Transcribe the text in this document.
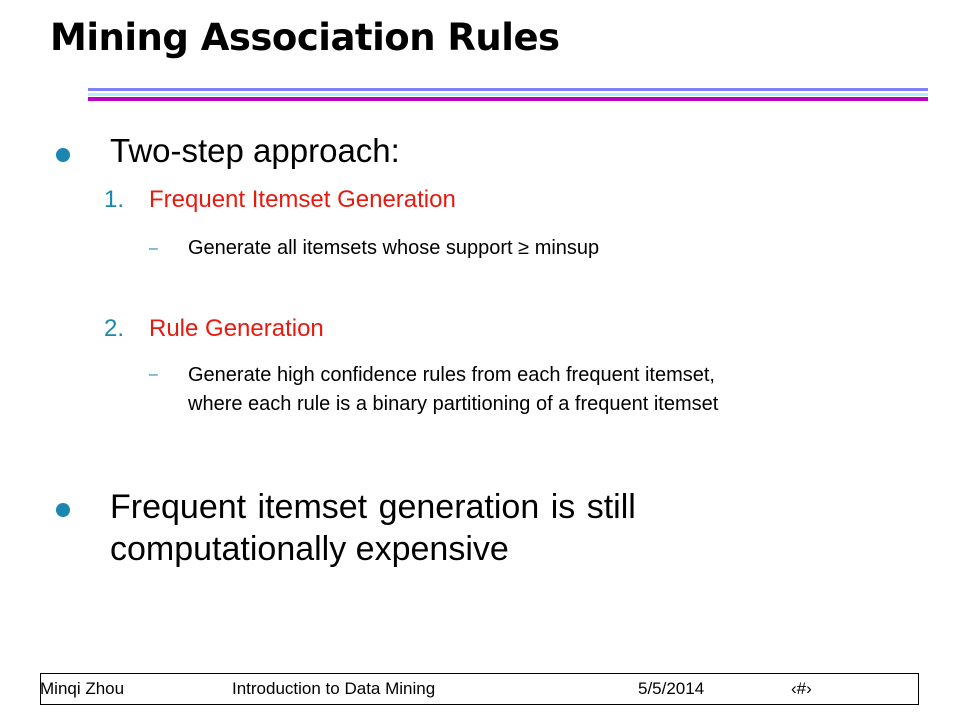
Mining Association Rules
Two-step approach:
1. Frequent Itemset Generation
– Generate all itemsets whose support ≥ minsup
2. Rule Generation
– Generate high confidence rules from each frequent itemset,
where each rule is a binary partitioning of a frequent itemset
Frequent itemset generation is still
computationally expensive
Minqi Zhou	Introduction to Data Mining	5/5/2014	‹#›
